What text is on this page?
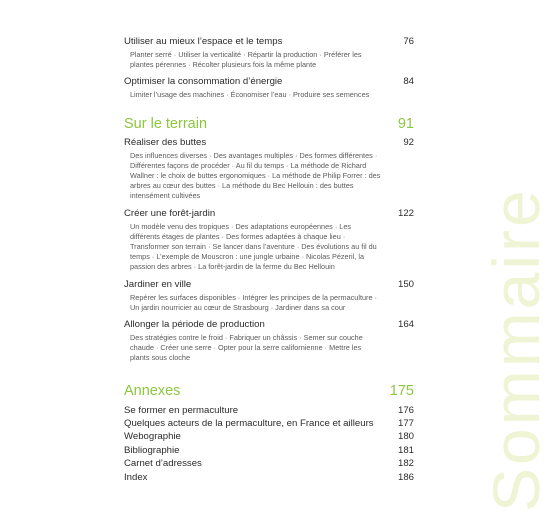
Sommaire
Utiliser au mieux l’espace et le temps	76
Planter serré · Utiliser la verticalité · Répartir la production · Préférer les plantes pérennes · Récolter plusieurs fois la même plante
Optimiser la consommation d’énergie	84
Limiter l’usage des machines · Économiser l’eau · Produire ses semences
Sur le terrain	91
Réaliser des buttes	92
Des influences diverses · Des avantages multiples · Des formes différentes · Différentes façons de procéder · Au fil du temps · La méthode de Richard Wallner : le choix de buttes ergonomiques · La méthode de Philip Forrer : des arbres au cœur des buttes · La méthode du Bec Hellouin : des buttes intensément cultivées
Créer une forêt-jardin	122
Un modèle venu des tropiques · Des adaptations européennes · Les différents étages de plantes · Des formes adaptées à chaque lieu · Transformer son terrain · Se lancer dans l’aventure · Des évolutions au fil du temps · L’exemple de Mouscron : une jungle urbaine · Nicolas Pézeril, la passion des arbres · La forêt-jardin de la ferme du Bec Hellouin
Jardiner en ville	150
Repérer les surfaces disponibles · Intégrer les principes de la permaculture · Un jardin nourricier au cœur de Strasbourg · Jardiner dans sa cour
Allonger la période de production	164
Des stratégies contre le froid · Fabriquer un châssis · Semer sur couche chaude · Créer une serre · Opter pour la serre californienne · Mettre les plants sous cloche
Annexes	175
Se former en permaculture	176
Quelques acteurs de la permaculture, en France et ailleurs	177
Webographie	180
Bibliographie	181
Carnet d’adresses	182
Index	186
